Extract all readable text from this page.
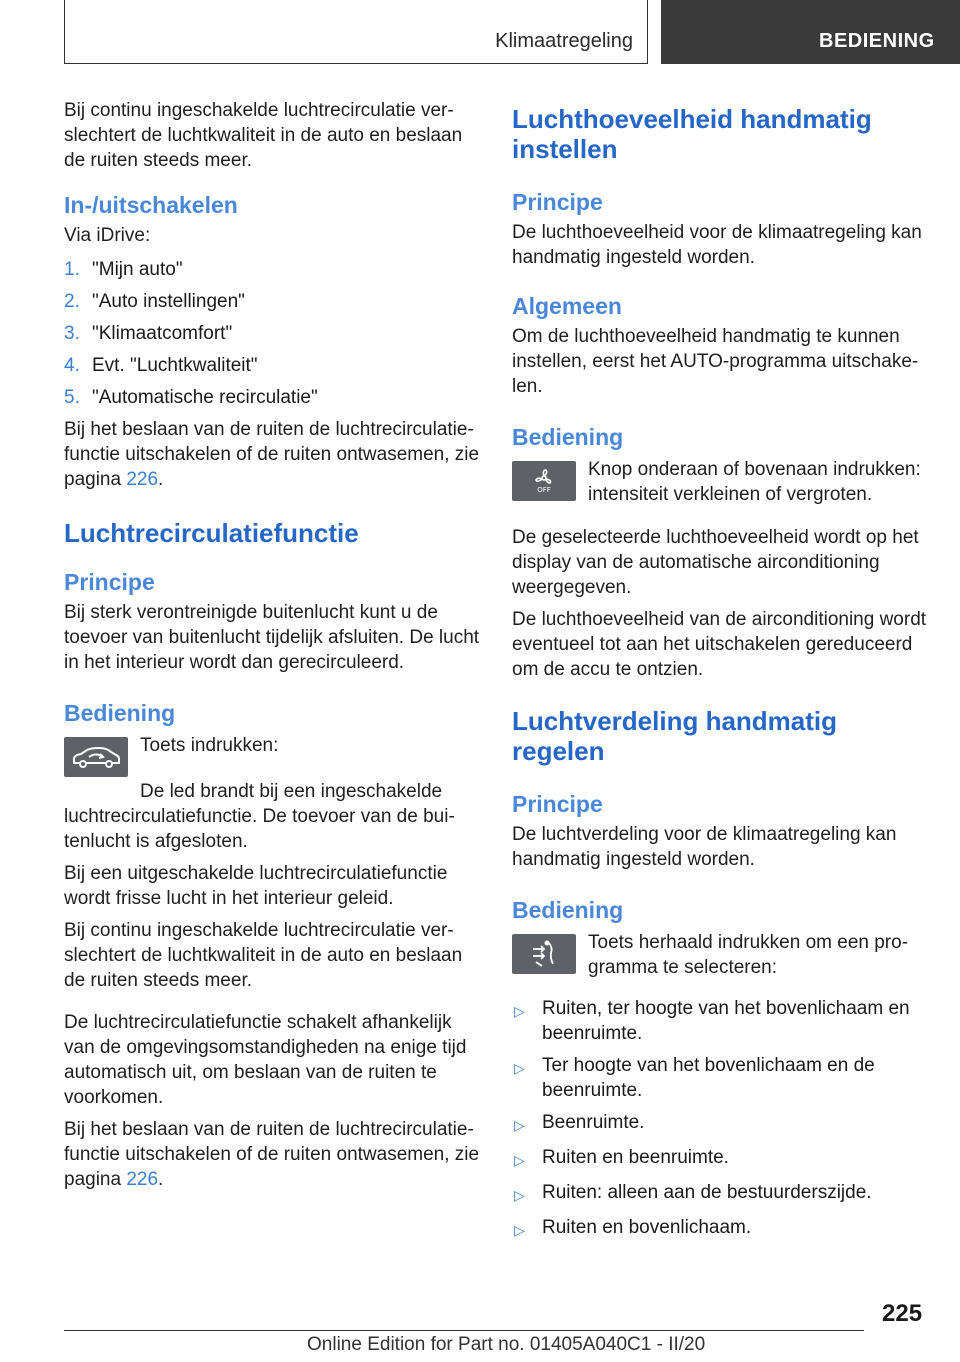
Klimaatregeling	BEDIENING

Bij continu ingeschakelde luchtrecirculatie verslechtert de luchtkwaliteit in de auto en beslaan de ruiten steeds meer.

In-/uitschakelen

Via iDrive:

1. "Mijn auto"
2. "Auto instellingen"
3. "Klimaatcomfort"
4. Evt. "Luchtkwaliteit"
5. "Automatische recirculatie"

Bij het beslaan van de ruiten de luchtrecirculatiefunctie uitschakelen of de ruiten ontwasemen, zie pagina 226.

Luchtrecirculatiefunctie
Principe

Bij sterk verontreinigde buitenlucht kunt u de toevoer van buitenlucht tijdelijk afsluiten. De lucht in het interieur wordt dan gerecirculeerd.

Bediening

Toets indrukken:

De led brandt bij een ingeschakelde luchtrecirculatiefunctie. De toevoer van de buitenlucht is afgesloten.

Bij een uitgeschakelde luchtrecirculatiefunctie wordt frisse lucht in het interieur geleid.

Bij continu ingeschakelde luchtrecirculatie verslechtert de luchtkwaliteit in de auto en beslaan de ruiten steeds meer.

De luchtrecirculatiefunctie schakelt afhankelijk van de omgevingsomstandigheden na enige tijd automatisch uit, om beslaan van de ruiten te voorkomen.

Bij het beslaan van de ruiten de luchtrecirculatiefunctie uitschakelen of de ruiten ontwasemen, zie pagina 226.

Luchthoeveelheid handmatig instellen
Principe

De luchthoeveelheid voor de klimaatregeling kan handmatig ingesteld worden.

Algemeen

Om de luchthoeveelheid handmatig te kunnen instellen, eerst het AUTO-programma uitschakelen.

Bediening
OFF

Knop onderaan of bovenaan indrukken: intensiteit verkleinen of vergroten.

De geselecteerde luchthoeveelheid wordt op het display van de automatische airconditioning weergegeven.

De luchthoeveelheid van de airconditioning wordt eventueel tot aan het uitschakelen gereduceerd om de accu te ontzien.

Luchtverdeling handmatig regelen
Principe

De luchtverdeling voor de klimaatregeling kan handmatig ingesteld worden.

Bediening

Toets herhaald indrukken om een programma te selecteren:

▷ Ruiten, ter hoogte van het bovenlichaam en beenruimte.
▷ Ter hoogte van het bovenlichaam en de beenruimte.
▷ Beenruimte.
▷ Ruiten en beenruimte.
▷ Ruiten: alleen aan de bestuurderszijde.
▷ Ruiten en bovenlichaam.
225
Online Edition for Part no. 01405A040C1 - II/20
